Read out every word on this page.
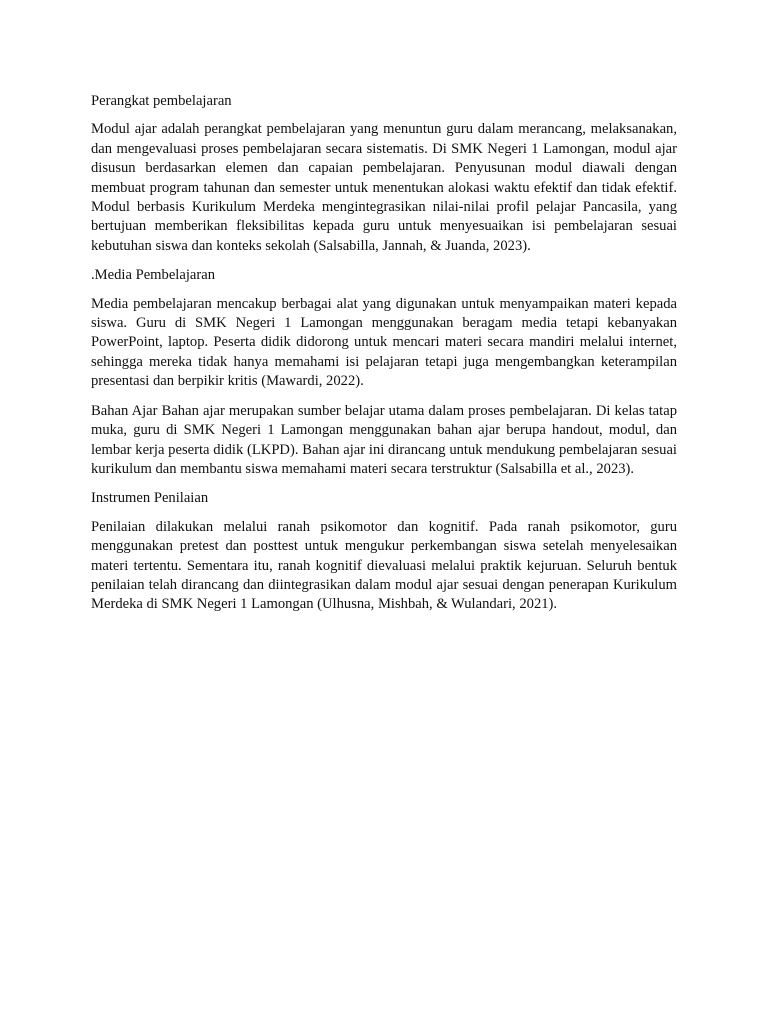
Perangkat pembelajaran

Modul ajar adalah perangkat pembelajaran yang menuntun guru dalam merancang, melaksanakan, dan mengevaluasi proses pembelajaran secara sistematis. Di SMK Negeri 1 Lamongan, modul ajar disusun berdasarkan elemen dan capaian pembelajaran. Penyusunan modul diawali dengan membuat program tahunan dan semester untuk menentukan alokasi waktu efektif dan tidak efektif. Modul berbasis Kurikulum Merdeka mengintegrasikan nilai-nilai profil pelajar Pancasila, yang bertujuan memberikan fleksibilitas kepada guru untuk menyesuaikan isi pembelajaran sesuai kebutuhan siswa dan konteks sekolah (Salsabilla, Jannah, & Juanda, 2023).

.Media Pembelajaran

Media pembelajaran mencakup berbagai alat yang digunakan untuk menyampaikan materi kepada siswa. Guru di SMK Negeri 1 Lamongan menggunakan beragam media tetapi kebanyakan PowerPoint, laptop. Peserta didik didorong untuk mencari materi secara mandiri melalui internet, sehingga mereka tidak hanya memahami isi pelajaran tetapi juga mengembangkan keterampilan presentasi dan berpikir kritis (Mawardi, 2022).

Bahan Ajar Bahan ajar merupakan sumber belajar utama dalam proses pembelajaran. Di kelas tatap muka, guru di SMK Negeri 1 Lamongan menggunakan bahan ajar berupa handout, modul, dan lembar kerja peserta didik (LKPD). Bahan ajar ini dirancang untuk mendukung pembelajaran sesuai kurikulum dan membantu siswa memahami materi secara terstruktur (Salsabilla et al., 2023).

Instrumen Penilaian

Penilaian dilakukan melalui ranah psikomotor dan kognitif. Pada ranah psikomotor, guru menggunakan pretest dan posttest untuk mengukur perkembangan siswa setelah menyelesaikan materi tertentu. Sementara itu, ranah kognitif dievaluasi melalui praktik kejuruan. Seluruh bentuk penilaian telah dirancang dan diintegrasikan dalam modul ajar sesuai dengan penerapan Kurikulum Merdeka di SMK Negeri 1 Lamongan (Ulhusna, Mishbah, & Wulandari, 2021).
